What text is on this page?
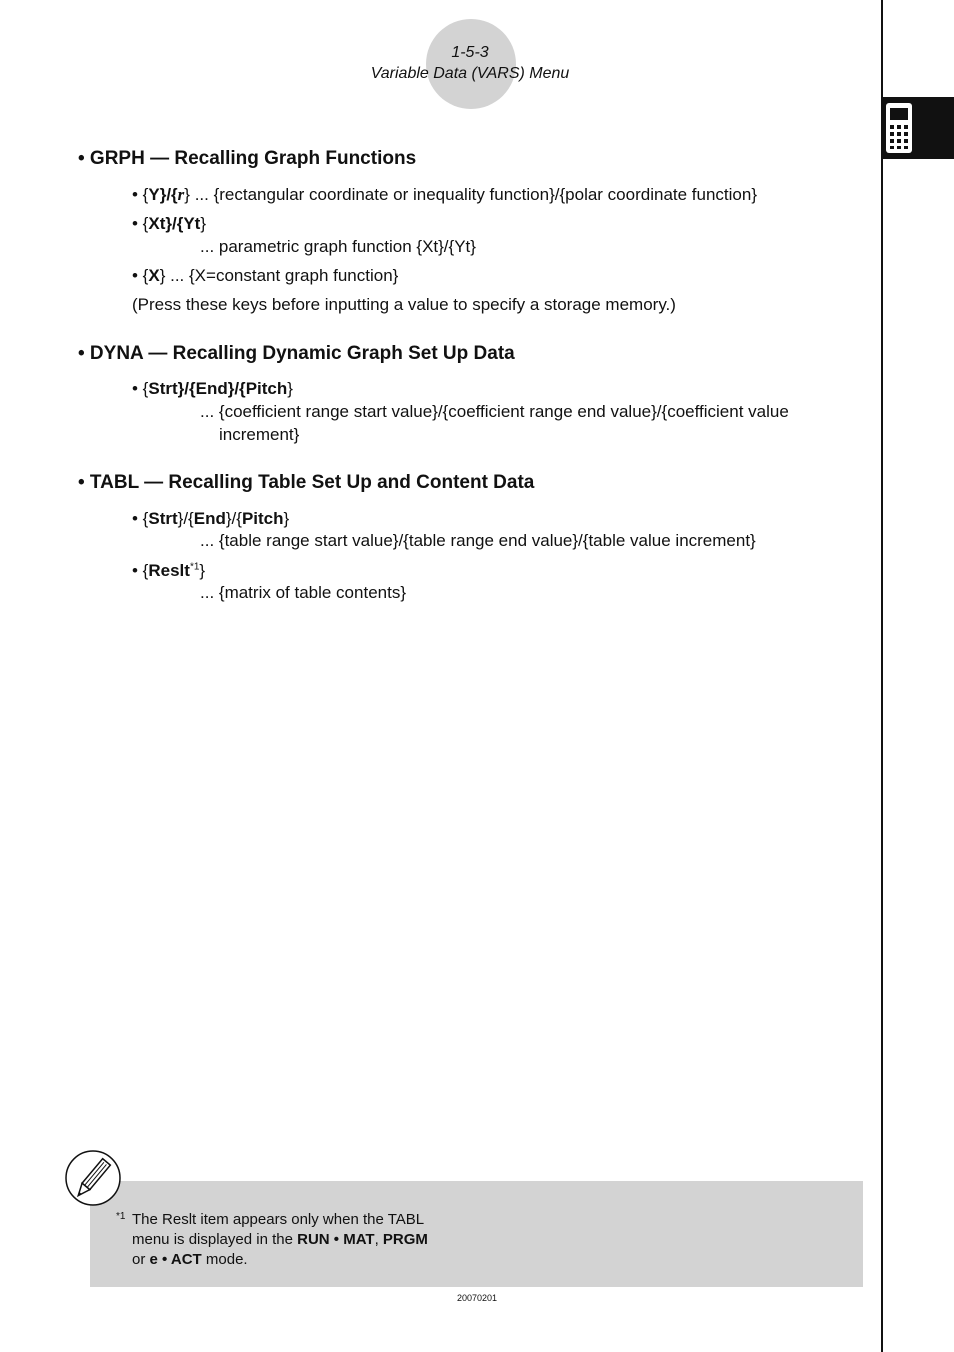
1-5-3
Variable Data (VARS) Menu
• GRPH — Recalling Graph Functions
• {Y}/{r} ... {rectangular coordinate or inequality function}/{polar coordinate function}
• {Xt}/{Yt}
... parametric graph function {Xt}/{Yt}
• {X} ... {X=constant graph function}
(Press these keys before inputting a value to specify a storage memory.)
• DYNA — Recalling Dynamic Graph Set Up Data
• {Strt}/{End}/{Pitch}
... {coefficient range start value}/{coefficient range end value}/{coefficient value
increment}
• TABL — Recalling Table Set Up and Content Data
• {Strt}/{End}/{Pitch}
... {table range start value}/{table range end value}/{table value increment}
• {Reslt$^{*1}$}
... {matrix of table contents}
*1 The Reslt item appears only when the TABL
menu is displayed in the RUN • MAT, PRGM
or e • ACT mode.
20070201
